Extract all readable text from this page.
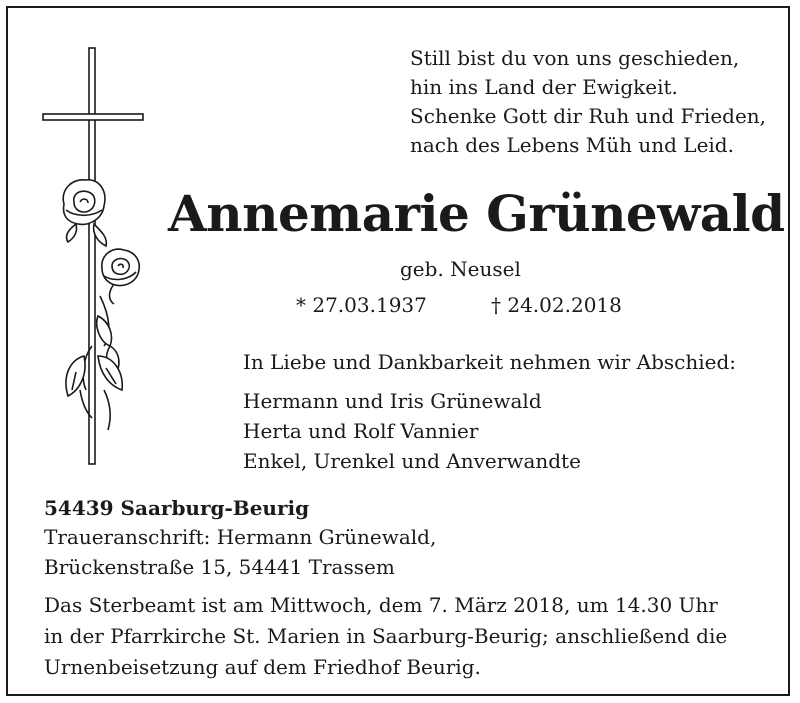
Still bist du von uns geschieden,
hin ins Land der Ewigkeit.
Schenke Gott dir Ruh und Frieden,
nach des Lebens Müh und Leid.
Annemarie Grünewald
geb. Neusel
* 27.03.1937	† 24.02.2018
In Liebe und Dankbarkeit nehmen wir Abschied:
Hermann und Iris Grünewald
Herta und Rolf Vannier
Enkel, Urenkel und Anverwandte
54439 Saarburg-Beurig
Traueranschrift: Hermann Grünewald,
Brückenstraße 15, 54441 Trassem
Das Sterbeamt ist am Mittwoch, dem 7. März 2018, um 14.30 Uhr
in der Pfarrkirche St. Marien in Saarburg-Beurig; anschließend die
Urnenbeisetzung auf dem Friedhof Beurig.
